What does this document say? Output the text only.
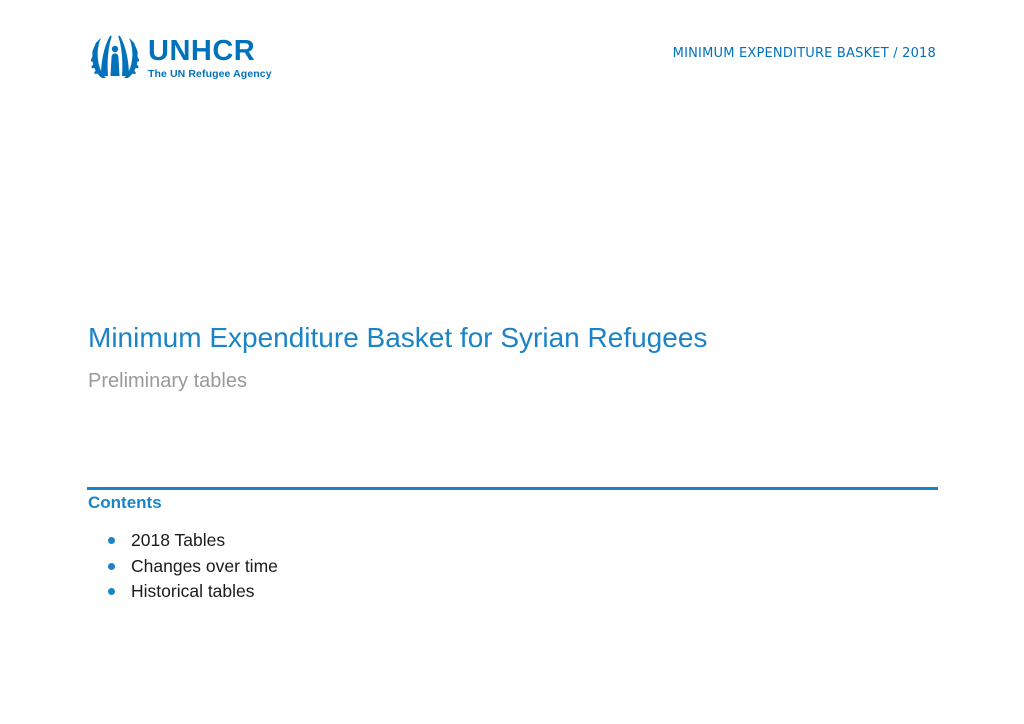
UNHCR
The UN Refugee Agency
MINIMUM EXPENDITURE BASKET / 2018
Minimum Expenditure Basket for Syrian Refugees
Preliminary tables
Contents
2018 Tables
Changes over time
Historical tables
